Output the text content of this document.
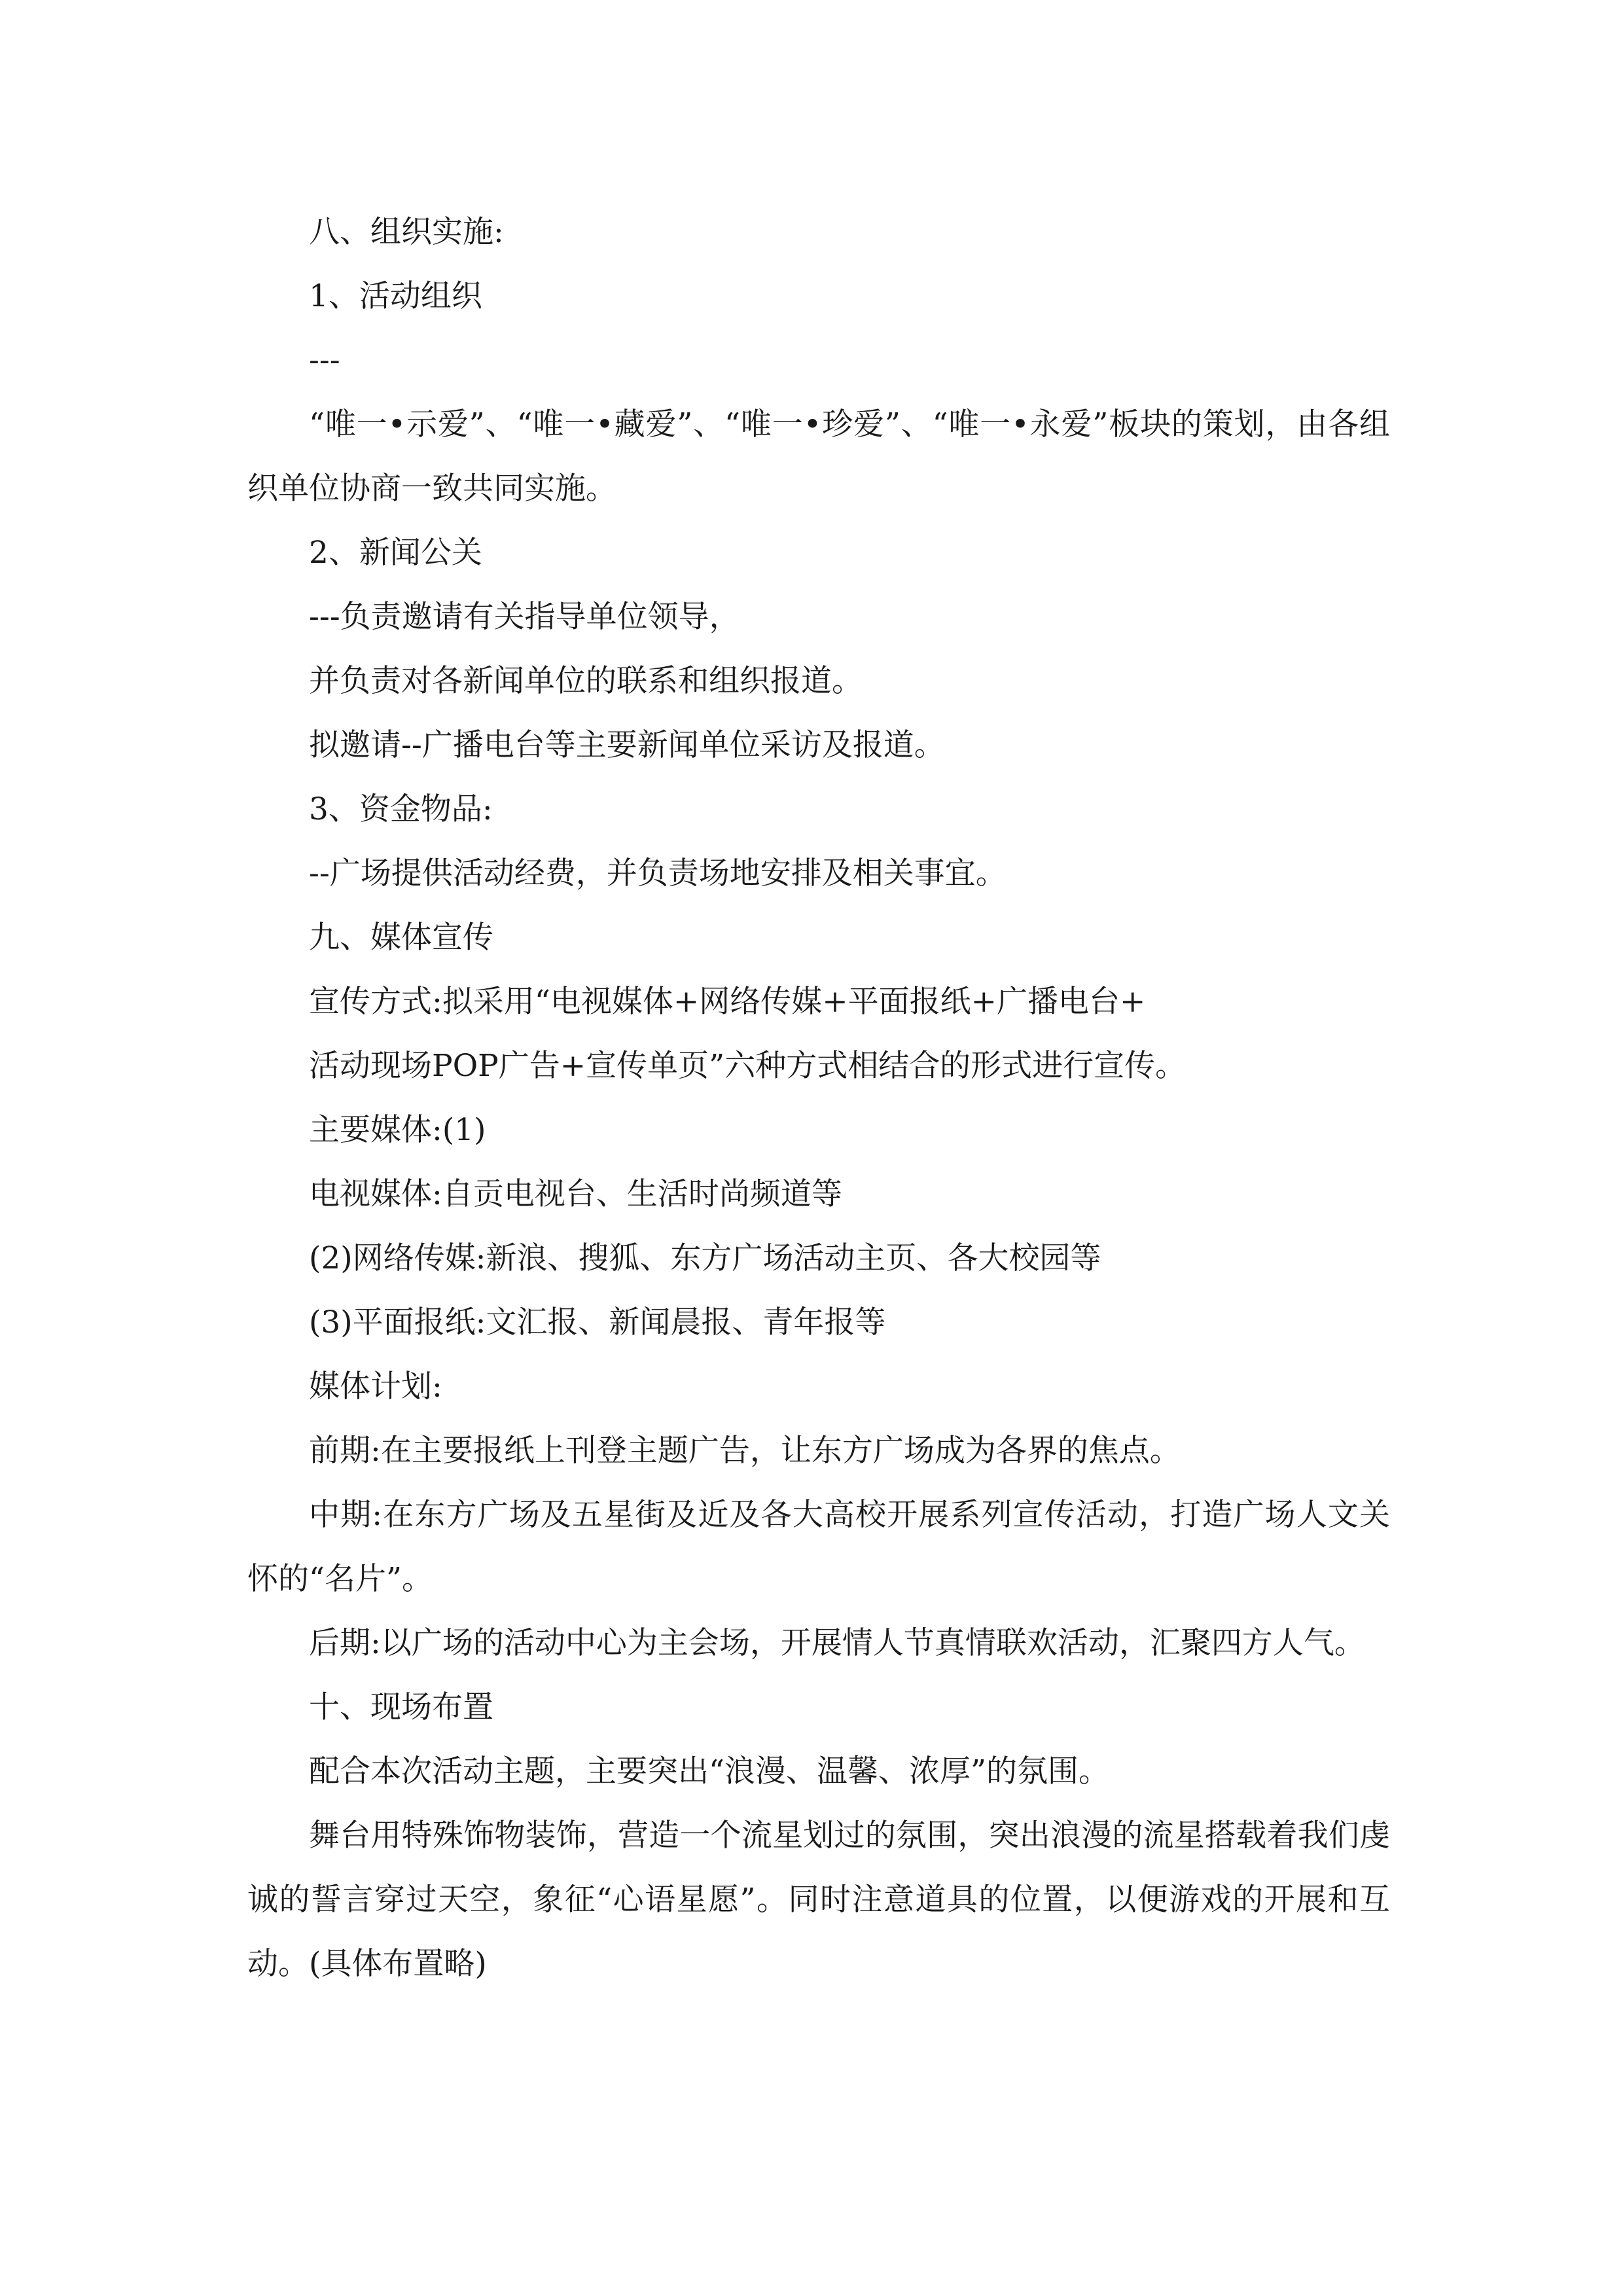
八、组织实施:

1、活动组织

---

“唯一•示爱”、“唯一•藏爱”、“唯一•珍爱”、“唯一•永爱”板块的策划，由各组织单位协商一致共同实施。

2、新闻公关

---负责邀请有关指导单位领导，

并负责对各新闻单位的联系和组织报道。

拟邀请--广播电台等主要新闻单位采访及报道。

3、资金物品:

--广场提供活动经费，并负责场地安排及相关事宜。

九、媒体宣传

宣传方式:拟采用“电视媒体+网络传媒+平面报纸+广播电台+

活动现场POP广告+宣传单页”六种方式相结合的形式进行宣传。

主要媒体:(1)

电视媒体:自贡电视台、生活时尚频道等

(2)网络传媒:新浪、搜狐、东方广场活动主页、各大校园等

(3)平面报纸:文汇报、新闻晨报、青年报等

媒体计划:

前期:在主要报纸上刊登主题广告，让东方广场成为各界的焦点。

中期:在东方广场及五星街及近及各大高校开展系列宣传活动，打造广场人文关怀的“名片”。

后期:以广场的活动中心为主会场，开展情人节真情联欢活动，汇聚四方人气。

十、现场布置

配合本次活动主题，主要突出“浪漫、温馨、浓厚”的氛围。

舞台用特殊饰物装饰，营造一个流星划过的氛围，突出浪漫的流星搭载着我们虔诚的誓言穿过天空，象征“心语星愿”。同时注意道具的位置，以便游戏的开展和互动。(具体布置略)
